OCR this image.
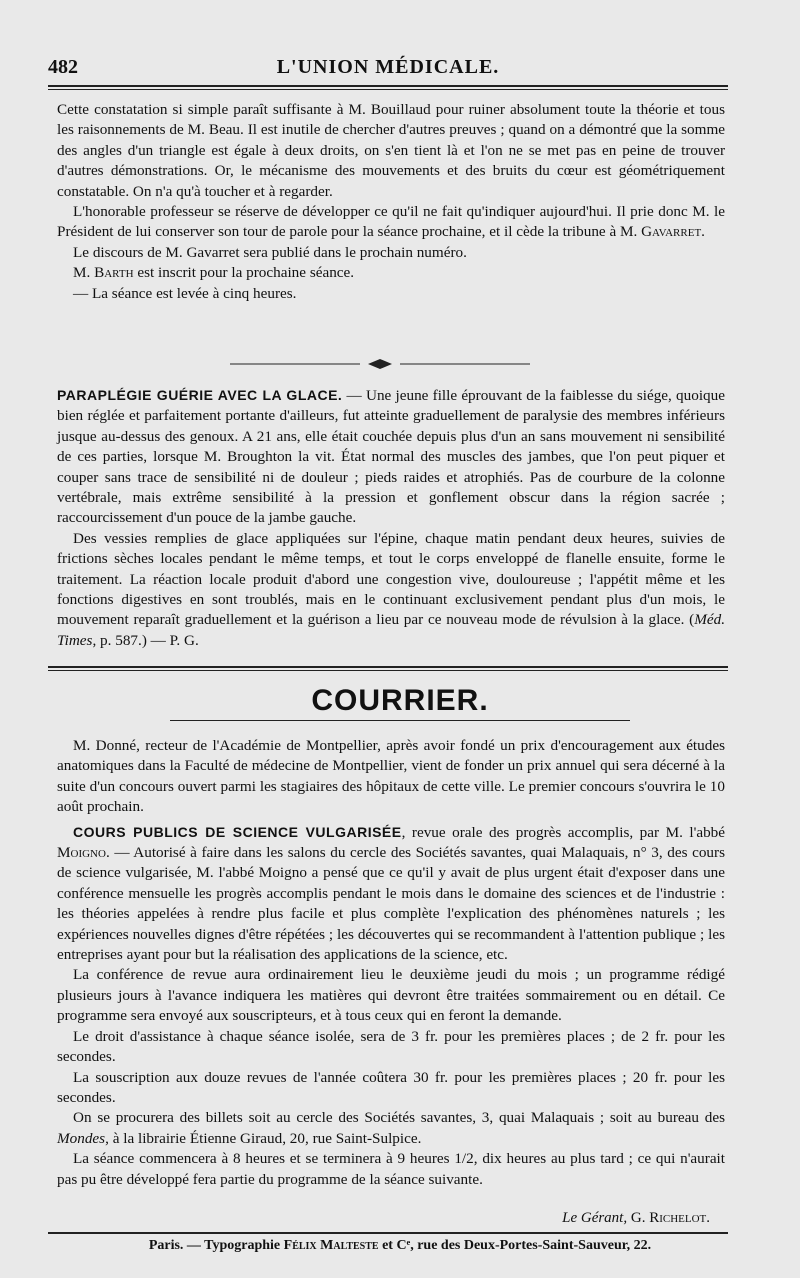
482	L'UNION MÉDICALE.

Cette constatation si simple paraît suffisante à M. Bouillaud pour ruiner absolument toute la théorie et tous les raisonnements de M. Beau. Il est inutile de chercher d'autres preuves ; quand on a démontré que la somme des angles d'un triangle est égale à deux droits, on s'en tient là et l'on ne se met pas en peine de trouver d'autres démonstrations. Or, le mécanisme des mouvements et des bruits du cœur est géométriquement constatable. On n'a qu'à toucher et à regarder.

L'honorable professeur se réserve de développer ce qu'il ne fait qu'indiquer aujourd'hui. Il prie donc M. le Président de lui conserver son tour de parole pour la séance prochaine, et il cède la tribune à M. Gavarret.

Le discours de M. Gavarret sera publié dans le prochain numéro.

M. Barth est inscrit pour la prochaine séance.

— La séance est levée à cinq heures.

PARAPLÉGIE GUÉRIE AVEC LA GLACE. — Une jeune fille éprouvant de la faiblesse du siége, quoique bien réglée et parfaitement portante d'ailleurs, fut atteinte graduellement de paralysie des membres inférieurs jusque au-dessus des genoux. A 21 ans, elle était couchée depuis plus d'un an sans mouvement ni sensibilité de ces parties, lorsque M. Broughton la vit. État normal des muscles des jambes, que l'on peut piquer et couper sans trace de sensibilité ni de douleur ; pieds raides et atrophiés. Pas de courbure de la colonne vertébrale, mais extrême sensibilité à la pression et gonflement obscur dans la région sacrée ; raccourcissement d'un pouce de la jambe gauche.

Des vessies remplies de glace appliquées sur l'épine, chaque matin pendant deux heures, suivies de frictions sèches locales pendant le même temps, et tout le corps enveloppé de flanelle ensuite, forme le traitement. La réaction locale produit d'abord une congestion vive, douloureuse ; l'appétit même et les fonctions digestives en sont troublés, mais en le continuant exclusivement pendant plus d'un mois, le mouvement reparaît graduellement et la guérison a lieu par ce nouveau mode de révulsion à la glace. (Méd. Times, p. 587.) — P. G.

COURRIER.

M. Donné, recteur de l'Académie de Montpellier, après avoir fondé un prix d'encouragement aux études anatomiques dans la Faculté de médecine de Montpellier, vient de fonder un prix annuel qui sera décerné à la suite d'un concours ouvert parmi les stagiaires des hôpitaux de cette ville. Le premier concours s'ouvrira le 10 août prochain.

COURS PUBLICS DE SCIENCE VULGARISÉE, revue orale des progrès accomplis, par M. l'abbé Moigno. — Autorisé à faire dans les salons du cercle des Sociétés savantes, quai Malaquais, n° 3, des cours de science vulgarisée, M. l'abbé Moigno a pensé que ce qu'il y avait de plus urgent était d'exposer dans une conférence mensuelle les progrès accomplis pendant le mois dans le domaine des sciences et de l'industrie : les théories appelées à rendre plus facile et plus complète l'explication des phénomènes naturels ; les expériences nouvelles dignes d'être répétées ; les découvertes qui se recommandent à l'attention publique ; les entreprises ayant pour but la réalisation des applications de la science, etc.

La conférence de revue aura ordinairement lieu le deuxième jeudi du mois ; un programme rédigé plusieurs jours à l'avance indiquera les matières qui devront être traitées sommairement ou en détail. Ce programme sera envoyé aux souscripteurs, et à tous ceux qui en feront la demande.

Le droit d'assistance à chaque séance isolée, sera de 3 fr. pour les premières places ; de 2 fr. pour les secondes.

La souscription aux douze revues de l'année coûtera 30 fr. pour les premières places ; 20 fr. pour les secondes.

On se procurera des billets soit au cercle des Sociétés savantes, 3, quai Malaquais ; soit au bureau des Mondes, à la librairie Étienne Giraud, 20, rue Saint-Sulpice.

La séance commencera à 8 heures et se terminera à 9 heures 1/2, dix heures au plus tard ; ce qui n'aurait pas pu être développé fera partie du programme de la séance suivante.

Le Gérant, G. Richelot.
Paris. — Typographie Félix Malteste et Cᵉ, rue des Deux-Portes-Saint-Sauveur, 22.
